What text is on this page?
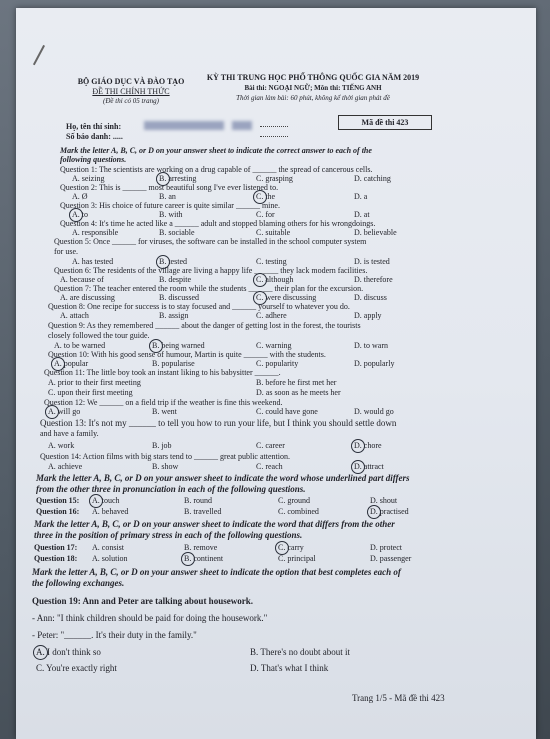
BỘ GIÁO DỤC VÀ ĐÀO TẠO
ĐỀ THI CHÍNH THỨC
(Đề thi có 05 trang)
KỲ THI TRUNG HỌC PHỔ THÔNG QUỐC GIA NĂM 2019
Bài thi: NGOẠI NGỮ; Môn thi: TIẾNG ANH
Thời gian làm bài: 60 phút, không kể thời gian phát đề
Họ, tên thí sinh:
Số báo danh: .....
Mã đề thi 423
Mark the letter A, B, C, or D on your answer sheet to indicate the correct answer to each of the
following questions.
Question 1: The scientists are working on a drug capable of ______ the spread of cancerous cells.
A. seizing	B. arresting	C. grasping	D. catching
Question 2: This is ______ most beautiful song I've ever listened to.
A. Ø	B. an	C. the	D. a
Question 3: His choice of future career is quite similar ______ mine.
A. to	B. with	C. for	D. at
Question 4: It's time he acted like a ______ adult and stopped blaming others for his wrongdoings.
A. responsible	B. sociable	C. suitable	D. believable
Question 5: Once ______ for viruses, the software can be installed in the school computer system
for use.
A. has tested	B. tested	C. testing	D. is tested
Question 6: The residents of the village are living a happy life ______ they lack modern facilities.
A. because of	B. despite	C. although	D. therefore
Question 7: The teacher entered the room while the students ______ their plan for the excursion.
A. are discussing	B. discussed	C. were discussing	D. discuss
Question 8: One recipe for success is to stay focused and ______ yourself to whatever you do.
A. attach	B. assign	C. adhere	D. apply
Question 9: As they remembered ______ about the danger of getting lost in the forest, the tourists
closely followed the tour guide.
A. to be warned	B. being warned	C. warning	D. to warn
Question 10: With his good sense of humour, Martin is quite ______ with the students.
A. popular	B. popularise	C. popularity	D. popularly
Question 11: The little boy took an instant liking to his babysitter ______.
A. prior to their first meeting	B. before he first met her
C. upon their first meeting	D. as soon as he meets her
Question 12: We ______ on a field trip if the weather is fine this weekend.
A. will go	B. went	C. could have gone	D. would go
Question 13: It's not my ______ to tell you how to run your life, but I think you should settle down
and have a family.
A. work	B. job	C. career	D. chore
Question 14: Action films with big stars tend to ______ great public attention.
A. achieve	B. show	C. reach	D. attract
Mark the letter A, B, C, or D on your answer sheet to indicate the word whose underlined part differs
from the other three in pronunciation in each of the following questions.
Question 15: A. touch	B. round	C. ground	D. shout
Question 16: A. behaved	B. travelled	C. combined	D. practised
Mark the letter A, B, C, or D on your answer sheet to indicate the word that differs from the other
three in the position of primary stress in each of the following questions.
Question 17: A. consist	B. remove	C. carry	D. protect
Question 18: A. solution	B. continent	C. principal	D. passenger
Mark the letter A, B, C, or D on your answer sheet to indicate the option that best completes each of
the following exchanges.
Question 19: Ann and Peter are talking about housework.
- Ann: "I think children should be paid for doing the housework."
- Peter: "______. It's their duty in the family."
A. I don't think so	B. There's no doubt about it
C. You're exactly right	D. That's what I think
Trang 1/5 - Mã đề thi 423
